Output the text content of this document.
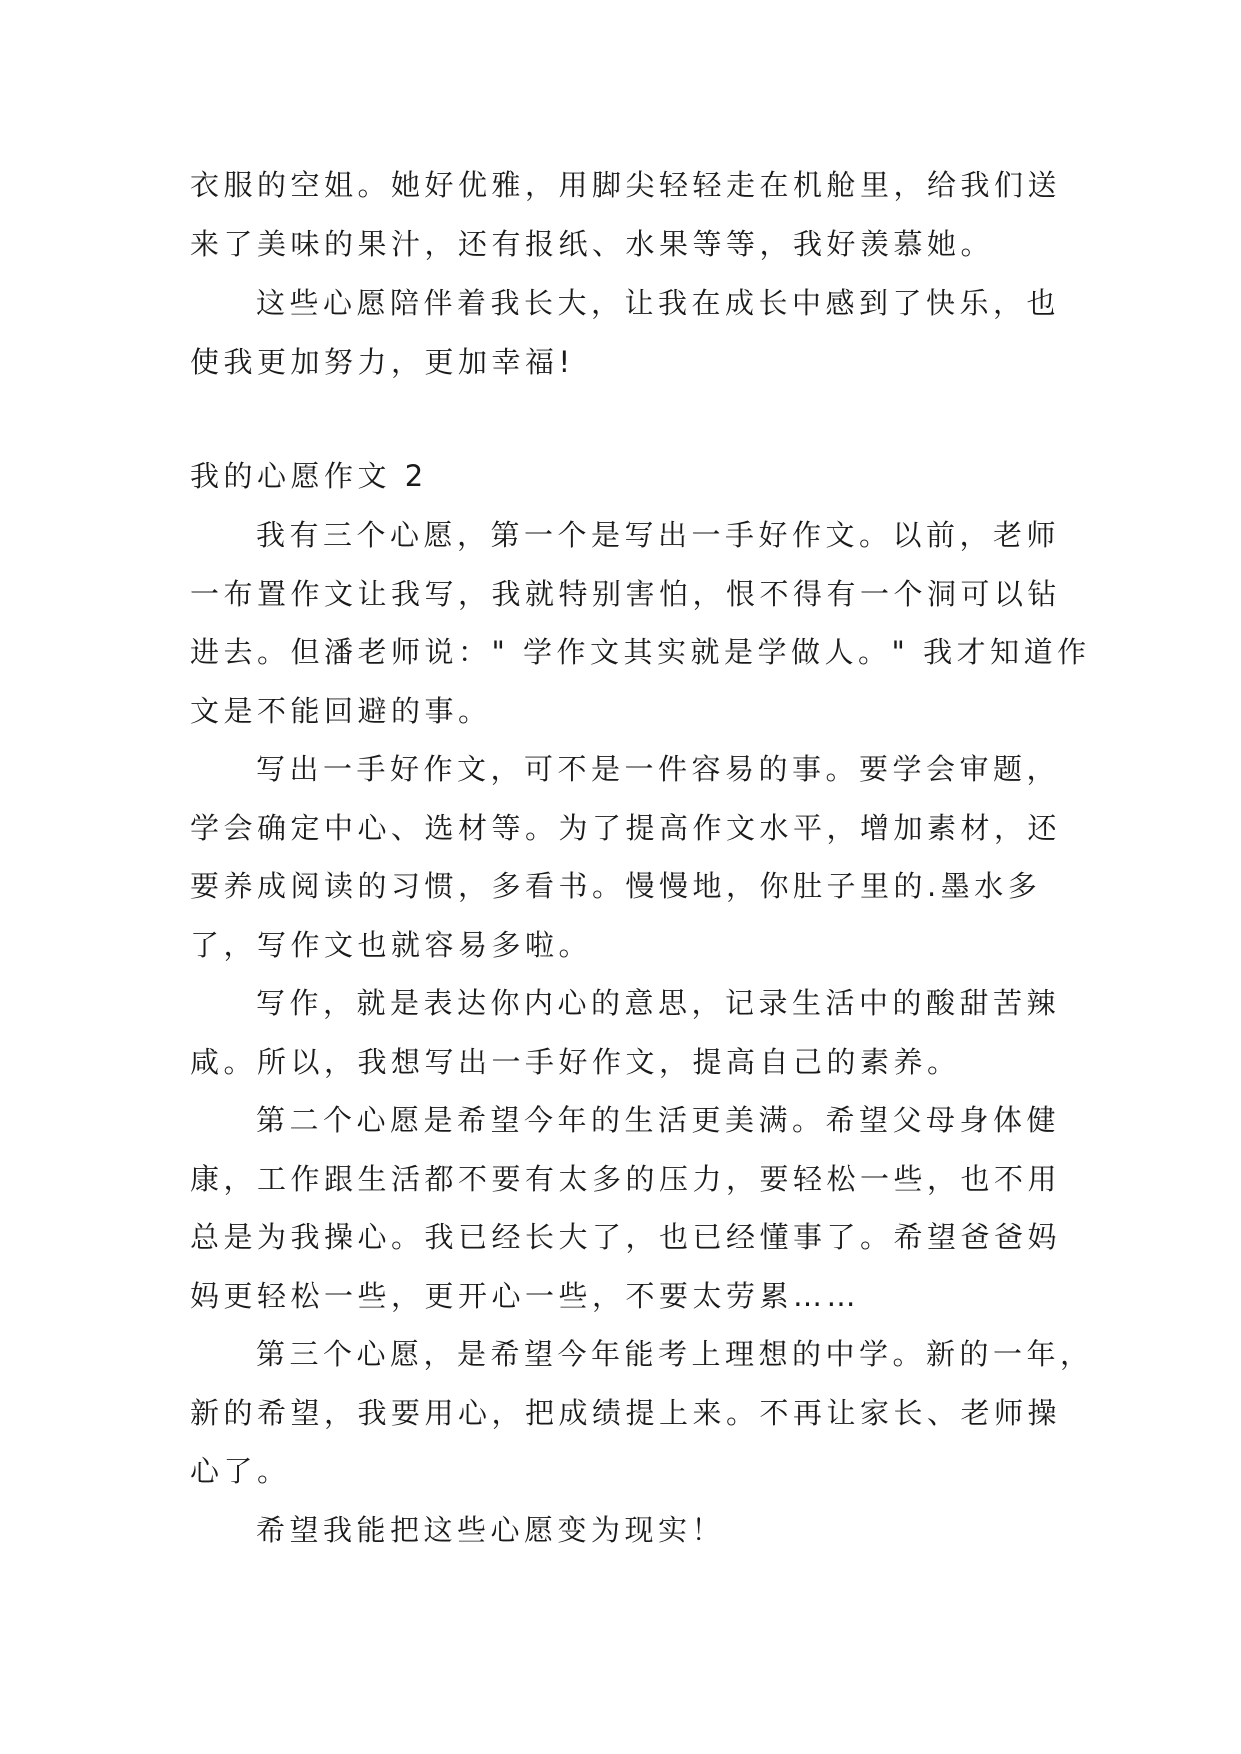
衣服的空姐。她好优雅，用脚尖轻轻走在机舱里，给我们送
来了美味的果汁，还有报纸、水果等等，我好羡慕她。
这些心愿陪伴着我长大，让我在成长中感到了快乐，也
使我更加努力，更加幸福!
我的心愿作文 2
我有三个心愿，第一个是写出一手好作文。以前，老师
一布置作文让我写，我就特别害怕，恨不得有一个洞可以钻
进去。但潘老师说：" 学作文其实就是学做人。" 我才知道作
文是不能回避的事。
写出一手好作文，可不是一件容易的事。要学会审题，
学会确定中心、选材等。为了提高作文水平，增加素材，还
要养成阅读的习惯，多看书。慢慢地，你肚子里的.墨水多
了，写作文也就容易多啦。
写作，就是表达你内心的意思，记录生活中的酸甜苦辣
咸。所以，我想写出一手好作文，提高自己的素养。
第二个心愿是希望今年的生活更美满。希望父母身体健
康，工作跟生活都不要有太多的压力，要轻松一些，也不用
总是为我操心。我已经长大了，也已经懂事了。希望爸爸妈
妈更轻松一些，更开心一些，不要太劳累……
第三个心愿，是希望今年能考上理想的中学。新的一年，
新的希望，我要用心，把成绩提上来。不再让家长、老师操
心了。
希望我能把这些心愿变为现实！
